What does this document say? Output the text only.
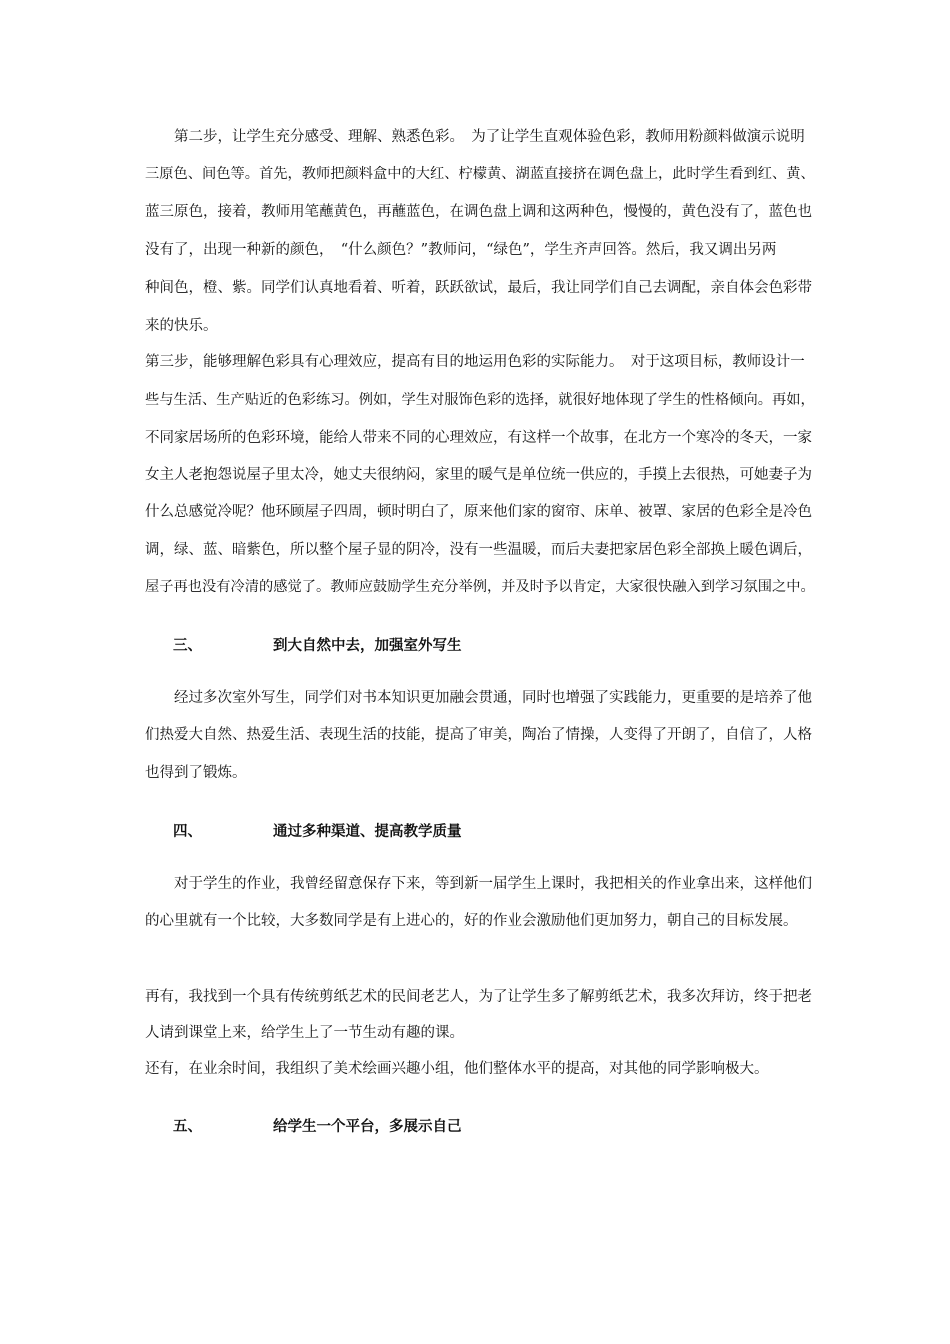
　　第二步，让学生充分感受、理解、熟悉色彩。　为了让学生直观体验色彩，教师用粉颜料做演示说明
三原色、间色等。首先，教师把颜料盒中的大红、柠檬黄、湖蓝直接挤在调色盘上，此时学生看到红、黄、
蓝三原色，接着，教师用笔蘸黄色，再蘸蓝色，在调色盘上调和这两种色，慢慢的，黄色没有了，蓝色也
没有了，出现一种新的颜色，　“什么颜色？”教师问，“绿色”，学生齐声回答。然后，我又调出另两
种间色，橙、紫。同学们认真地看着、听着，跃跃欲试，最后，我让同学们自己去调配，亲自体会色彩带
来的快乐。
第三步，能够理解色彩具有心理效应，提高有目的地运用色彩的实际能力。　对于这项目标，教师设计一
些与生活、生产贴近的色彩练习。例如，学生对服饰色彩的选择，就很好地体现了学生的性格倾向。再如，
不同家居场所的色彩环境，能给人带来不同的心理效应，有这样一个故事，在北方一个寒冷的冬天，一家
女主人老抱怨说屋子里太冷，她丈夫很纳闷，家里的暖气是单位统一供应的，手摸上去很热，可她妻子为
什么总感觉冷呢？他环顾屋子四周，顿时明白了，原来他们家的窗帘、床单、被罩、家居的色彩全是冷色
调，绿、蓝、暗紫色，所以整个屋子显的阴冷，没有一些温暖，而后夫妻把家居色彩全部换上暖色调后，
屋子再也没有冷清的感觉了。教师应鼓励学生充分举例，并及时予以肯定，大家很快融入到学习氛围之中。
三、	到大自然中去，加强室外写生
　　经过多次室外写生，同学们对书本知识更加融会贯通，同时也增强了实践能力，更重要的是培养了他
们热爱大自然、热爱生活、表现生活的技能，提高了审美，陶冶了情操，人变得了开朗了，自信了，人格
也得到了锻炼。
四、	通过多种渠道、提高教学质量
　　对于学生的作业，我曾经留意保存下来，等到新一届学生上课时，我把相关的作业拿出来，这样他们
的心里就有一个比较，大多数同学是有上进心的，好的作业会激励他们更加努力，朝自己的目标发展。
再有，我找到一个具有传统剪纸艺术的民间老艺人，为了让学生多了解剪纸艺术，我多次拜访，终于把老
人请到课堂上来，给学生上了一节生动有趣的课。
还有，在业余时间，我组织了美术绘画兴趣小组，他们整体水平的提高，对其他的同学影响极大。
五、	给学生一个平台，多展示自己
